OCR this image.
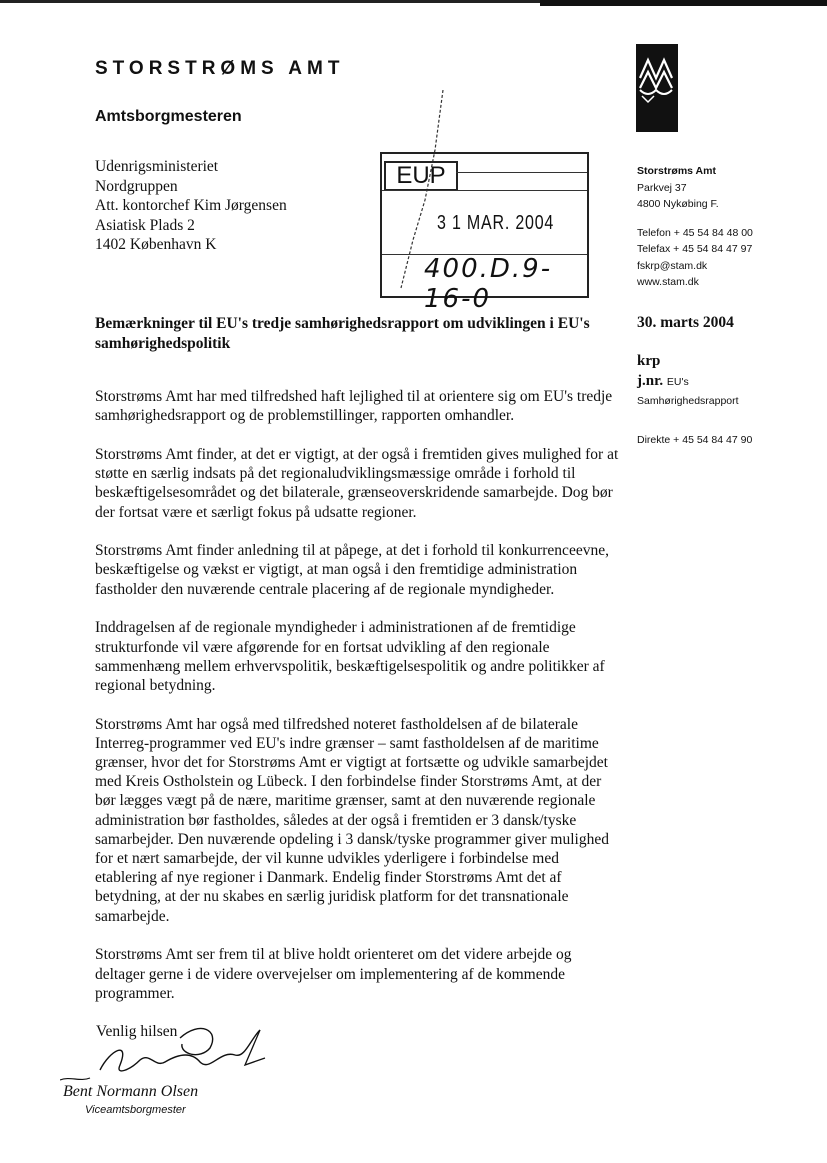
STORSTRØMS AMT
Amtsborgmesteren
Udenrigsministeriet
Nordgruppen
Att. kontorchef Kim Jørgensen
Asiatisk Plads 2
1402 København K
EUP
3 1 MAR. 2004
400.D.9-16-0
Storstrøms Amt
Parkvej 37
4800 Nykøbing F.
Telefon + 45 54 84 48 00
Telefax + 45 54 84 47 97
fskrp@stam.dk
www.stam.dk
30. marts 2004
krp
j.nr. EU's
Samhørighedsrapport
Direkte + 45 54 84 47 90
Bemærkninger til EU's tredje samhørighedsrapport om udviklingen i EU's samhørighedspolitik

Storstrøms Amt har med tilfredshed haft lejlighed til at orientere sig om EU's tredje samhørighedsrapport og de problemstillinger, rapporten omhandler.

Storstrøms Amt finder, at det er vigtigt, at der også i fremtiden gives mulighed for at støtte en særlig indsats på det regionaludviklingsmæssige område i forhold til beskæftigelsesområdet og det bilaterale, grænseoverskridende samarbejde. Dog bør der fortsat være et særligt fokus på udsatte regioner.

Storstrøms Amt finder anledning til at påpege, at det i forhold til konkurrenceevne, beskæftigelse og vækst er vigtigt, at man også i den fremtidige administration fastholder den nuværende centrale placering af de regionale myndigheder.

Inddragelsen af de regionale myndigheder i administrationen af de fremtidige strukturfonde vil være afgørende for en fortsat udvikling af den regionale sammenhæng mellem erhvervspolitik, beskæftigelsespolitik og andre politikker af regional betydning.

Storstrøms Amt har også med tilfredshed noteret fastholdelsen af de bilaterale Interreg-programmer ved EU's indre grænser – samt fastholdelsen af de maritime grænser, hvor det for Storstrøms Amt er vigtigt at fortsætte og udvikle samarbejdet med Kreis Ostholstein og Lübeck. I den forbindelse finder Storstrøms Amt, at der bør lægges vægt på de nære, maritime grænser, samt at den nuværende regionale administration bør fastholdes, således at der også i fremtiden er 3 dansk/tyske samarbejder. Den nuværende opdeling i 3 dansk/tyske programmer giver mulighed for et nært samarbejde, der vil kunne udvikles yderligere i forbindelse med etablering af nye regioner i Danmark. Endelig finder Storstrøms Amt det af betydning, at der nu skabes en særlig juridisk platform for det transnationale samarbejde.

Storstrøms Amt ser frem til at blive holdt orienteret om det videre arbejde og deltager gerne i de videre overvejelser om implementering af de kommende programmer.

Venlig hilsen
Bent Normann Olsen
Viceamtsborgmester
